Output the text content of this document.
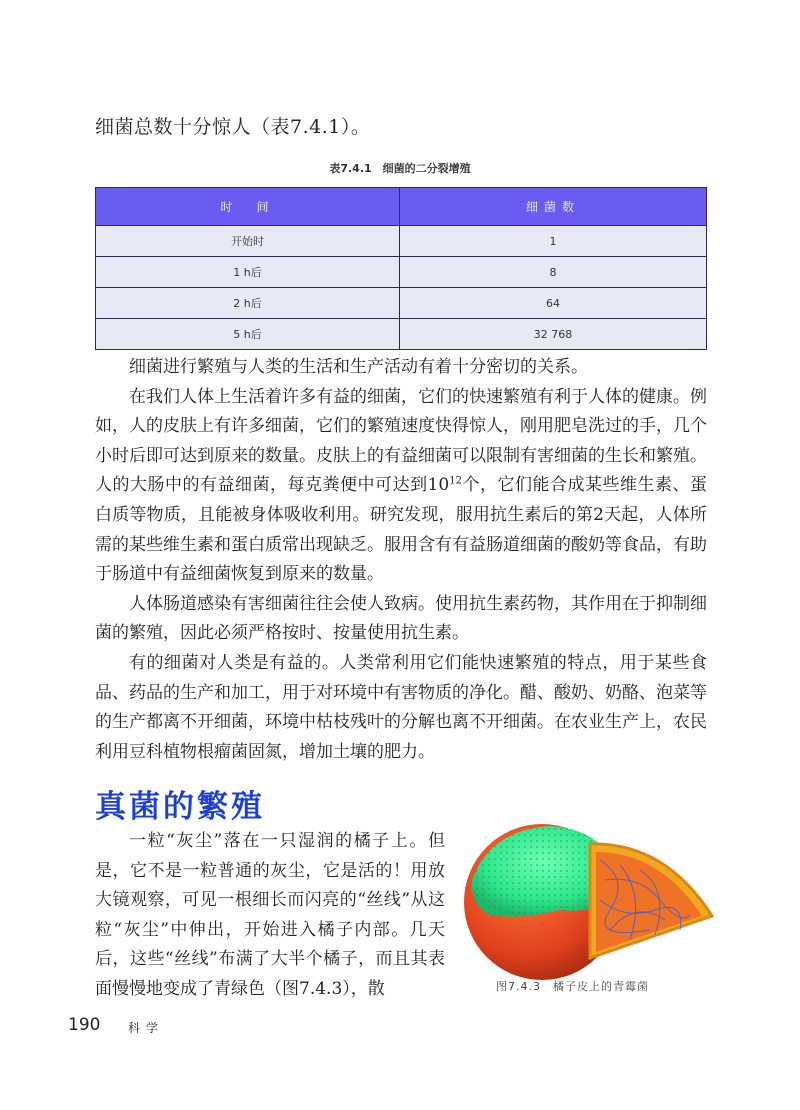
细菌总数十分惊人（表7.4.1）。
表7.4.1　细菌的二分裂增殖
时　间	细菌数
开始时	1
1 h后	8
2 h后	64
5 h后	32 768

细菌进行繁殖与人类的生活和生产活动有着十分密切的关系。

在我们人体上生活着许多有益的细菌，它们的快速繁殖有利于人体的健康。例如，人的皮肤上有许多细菌，它们的繁殖速度快得惊人，刚用肥皂洗过的手，几个小时后即可达到原来的数量。皮肤上的有益细菌可以限制有害细菌的生长和繁殖。人的大肠中的有益细菌，每克粪便中可达到$10^{12}$个，它们能合成某些维生素、蛋白质等物质，且能被身体吸收利用。研究发现，服用抗生素后的第2天起，人体所需的某些维生素和蛋白质常出现缺乏。服用含有有益肠道细菌的酸奶等食品，有助于肠道中有益细菌恢复到原来的数量。

人体肠道感染有害细菌往往会使人致病。使用抗生素药物，其作用在于抑制细菌的繁殖，因此必须严格按时、按量使用抗生素。

有的细菌对人类是有益的。人类常利用它们能快速繁殖的特点，用于某些食品、药品的生产和加工，用于对环境中有害物质的净化。醋、酸奶、奶酪、泡菜等的生产都离不开细菌，环境中枯枝残叶的分解也离不开细菌。在农业生产上，农民利用豆科植物根瘤菌固氮，增加土壤的肥力。

真菌的繁殖

一粒“灰尘”落在一只湿润的橘子上。但是，它不是一粒普通的灰尘，它是活的！用放大镜观察，可见一根细长而闪亮的“丝线”从这粒“灰尘”中伸出，开始进入橘子内部。几天后，这些“丝线”布满了大半个橘子，而且其表面慢慢地变成了青绿色（图7.4.3），散	图7.4.3　橘子皮上的青霉菌
190 科学
